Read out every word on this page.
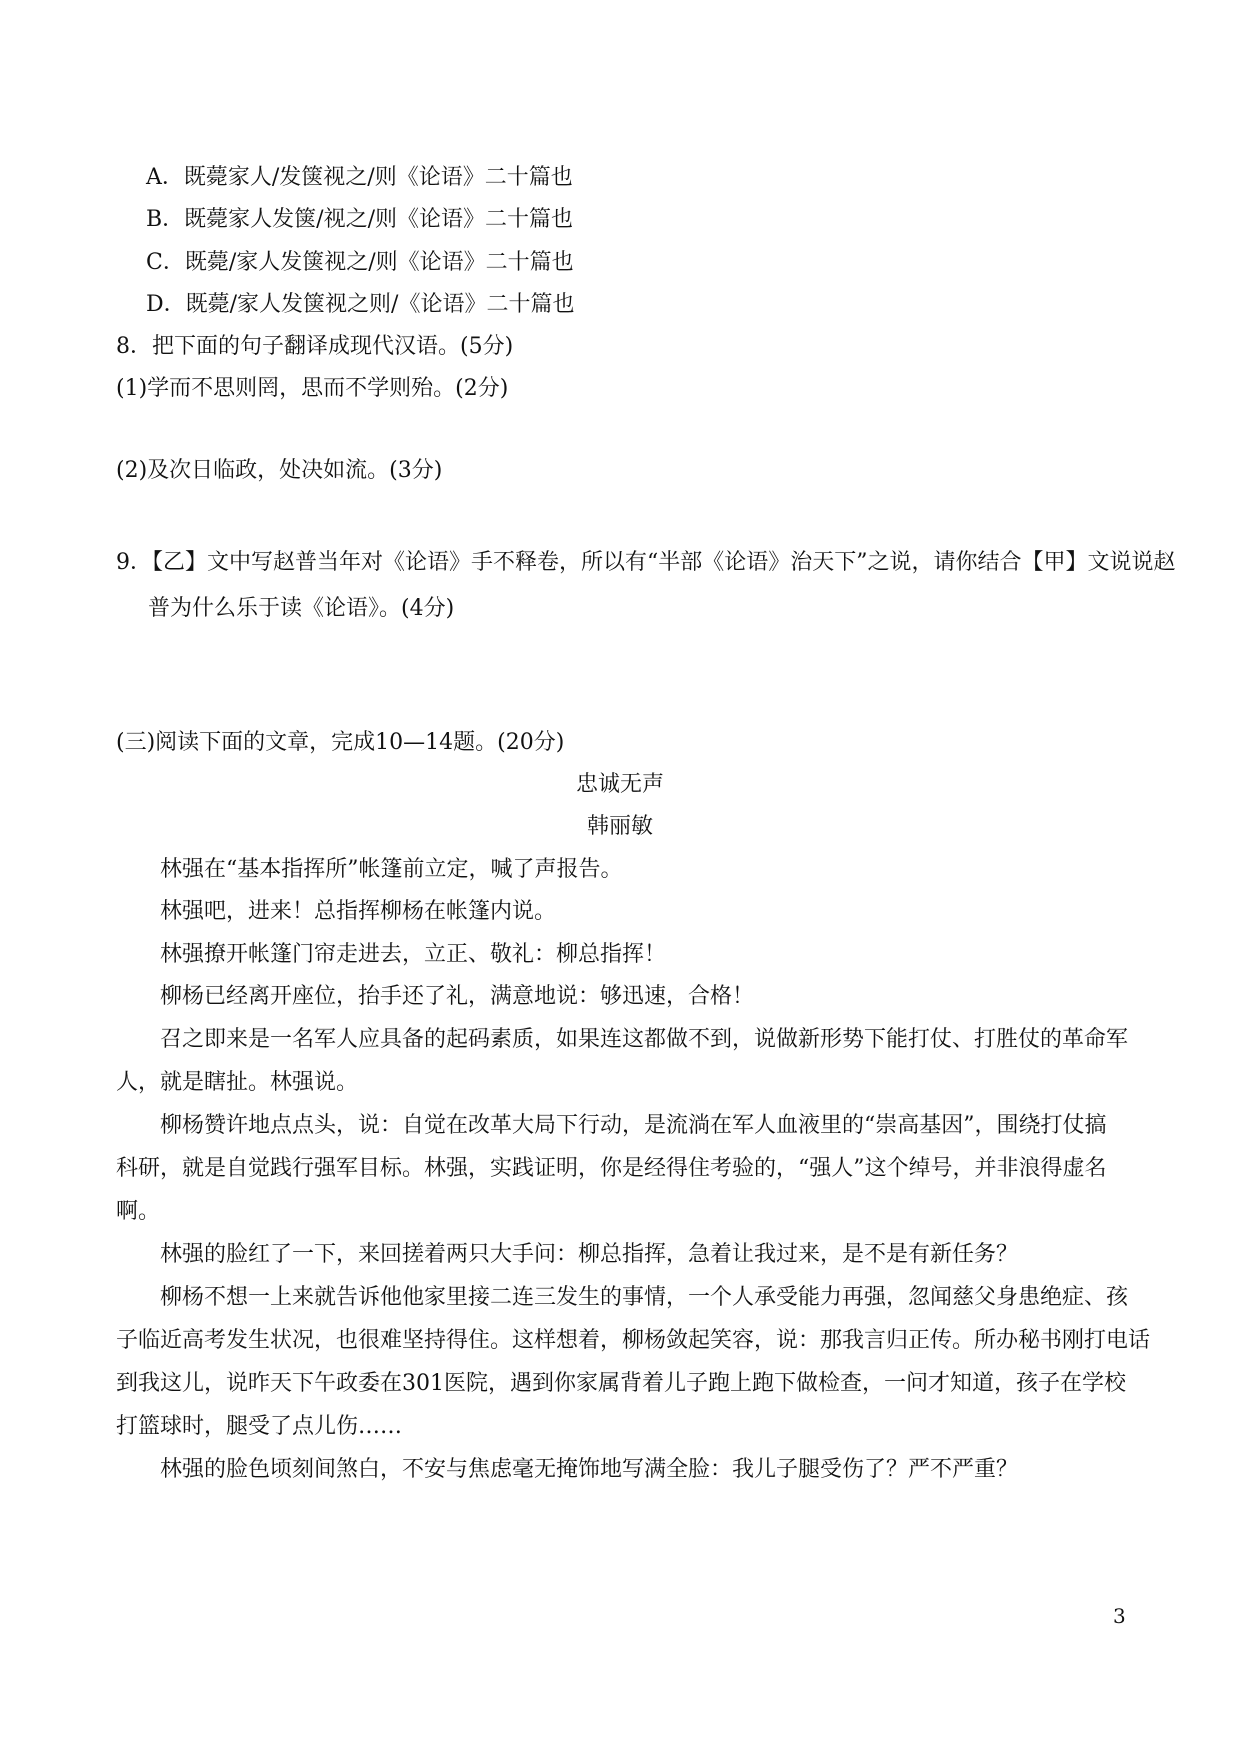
A．既薨家人/发箧视之/则《论语》二十篇也

B．既薨家人发箧/视之/则《论语》二十篇也

C．既薨/家人发箧视之/则《论语》二十篇也

D．既薨/家人发箧视之则/《论语》二十篇也

8．把下面的句子翻译成现代汉语。(5分)

(1)学而不思则罔，思而不学则殆。(2分)

(2)及次日临政，处决如流。(3分)

9．【乙】文中写赵普当年对《论语》手不释卷，所以有“半部《论语》治天下”之说，请你结合【甲】文说说赵

普为什么乐于读《论语》。(4分)

(三)阅读下面的文章，完成10—14题。(20分)

忠诚无声

韩丽敏

林强在“基本指挥所”帐篷前立定，喊了声报告。

林强吧，进来！总指挥柳杨在帐篷内说。

林强撩开帐篷门帘走进去，立正、敬礼：柳总指挥！

柳杨已经离开座位，抬手还了礼，满意地说：够迅速，合格！

召之即来是一名军人应具备的起码素质，如果连这都做不到，说做新形势下能打仗、打胜仗的革命军

人，就是瞎扯。林强说。

柳杨赞许地点点头，说：自觉在改革大局下行动，是流淌在军人血液里的“崇高基因”，围绕打仗搞

科研，就是自觉践行强军目标。林强，实践证明，你是经得住考验的，“强人”这个绰号，并非浪得虚名

啊。

林强的脸红了一下，来回搓着两只大手问：柳总指挥，急着让我过来，是不是有新任务？

柳杨不想一上来就告诉他他家里接二连三发生的事情，一个人承受能力再强，忽闻慈父身患绝症、孩

子临近高考发生状况，也很难坚持得住。这样想着，柳杨敛起笑容，说：那我言归正传。所办秘书刚打电话

到我这儿，说昨天下午政委在301医院，遇到你家属背着儿子跑上跑下做检查，一问才知道，孩子在学校

打篮球时，腿受了点儿伤……

林强的脸色顷刻间煞白，不安与焦虑毫无掩饰地写满全脸：我儿子腿受伤了？严不严重？

3
